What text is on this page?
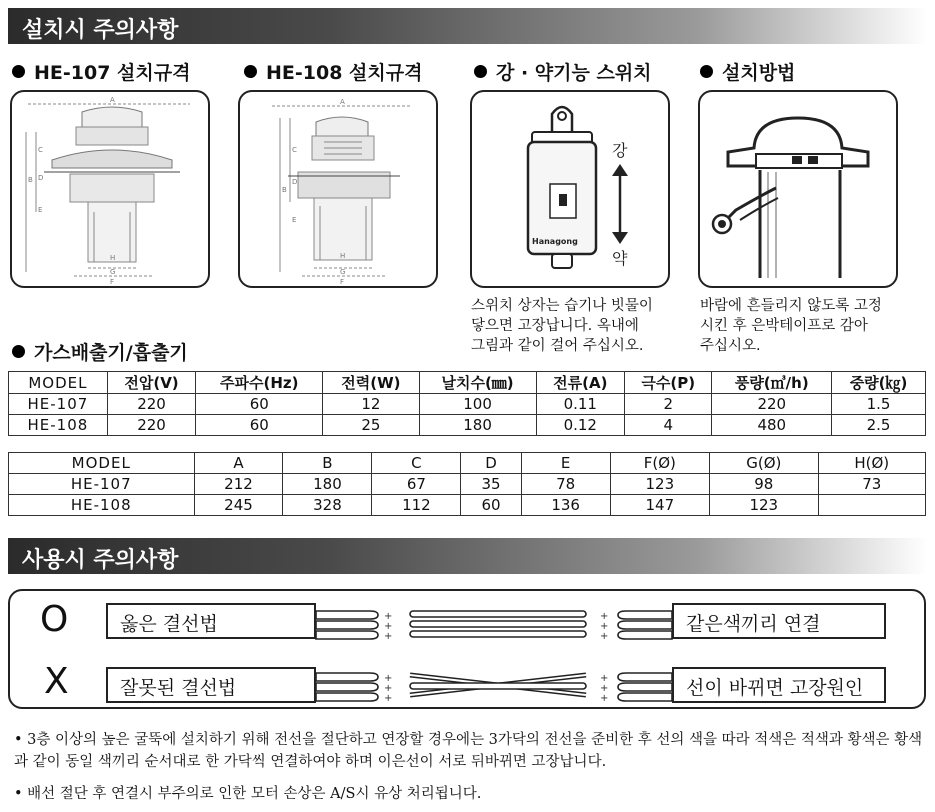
설치시 주의사항
HE-107 설치규격	HE-108 설치규격	강 · 약기능 스위치	설치방법
A
B
C
D
E
F
G
H
A
B
C
D
E
F
G
H
Hanagong
강
약
스위치 상자는 습기나 빗물이
닿으면 고장납니다. 옥내에
그림과 같이 걸어 주십시오.
바람에 흔들리지 않도록 고정
시킨 후 은박테이프로 감아
주십시오.
가스배출기/흡출기
MODEL	전압(V)	주파수(Hz)	전력(W)	날치수(㎜)	전류(A)	극수(P)	풍량(㎥/h)	중량(㎏)
HE-107	220	60	12	100	0.11	2	220	1.5
HE-108	220	60	25	180	0.12	4	480	2.5
MODEL	A	B	C	D	E	F(Ø)	G(Ø)	H(Ø)
HE-107	212	180	67	35	78	123	98	73
HE-108	245	328	112	60	136	147	123	
사용시 주의사항
O
X
옳은 결선법	같은색끼리 연결
잘못된 결선법	선이 바뀌면 고장원인
+
+
+
+
+
+
+
+
+
+
+
+
• 3층 이상의 높은 굴뚝에 설치하기 위해 전선을 절단하고 연장할 경우에는 3가닥의 전선을 준비한 후 선의 색을 따라 적색은 적색과 황색은 황색과 같이 동일 색끼리 순서대로 한 가닥씩 연결하여야 하며 이은선이 서로 뒤바뀌면 고장납니다.
• 배선 절단 후 연결시 부주의로 인한 모터 손상은 A/S시 유상 처리됩니다.
